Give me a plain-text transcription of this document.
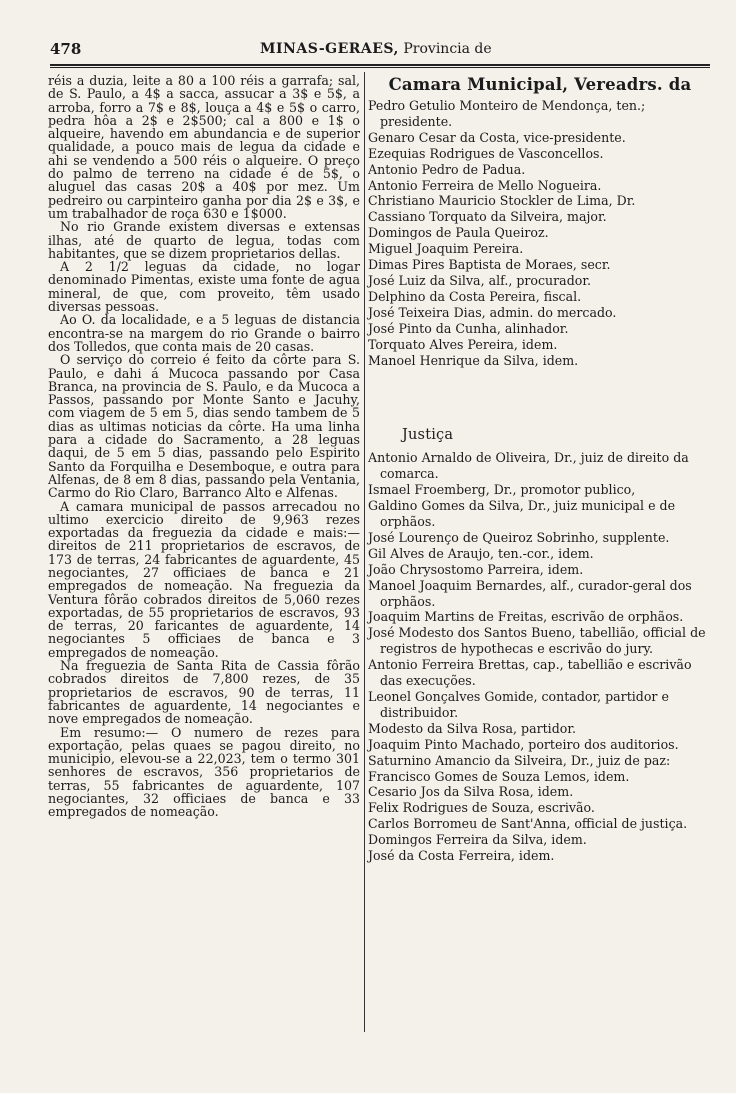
478	MINAS-GERAES, Provincia de

réis a duzia, leite a 80 a 100 réis a garrafa; sal, de S. Paulo, a 4$ a sacca, assucar a 3$ e 5$, a arroba, forro a 7$ e 8$, louça a 4$ e 5$ o carro, pedra hôa a 2$ e 2$500; cal a 800 e 1$ o alqueire, havendo em abundancia e de superior qualidade, a pouco mais de legua da cidade e ahi se vendendo a 500 réis o alqueire. O preço do palmo de terreno na cidade é de 5$, o aluguel das casas 20$ a 40$ por mez. Um pedreiro ou carpinteiro ganha por dia 2$ e 3$, e um trabalhador de roça 630 e 1$000.

No rio Grande existem diversas e extensas ilhas, até de quarto de legua, todas com habitantes, que se dizem proprietarios dellas.

A 2 1/2 leguas da cidade, no logar denominado Pimentas, existe uma fonte de agua mineral, de que, com proveito, têm usado diversas pessoas.

Ao O. da localidade, e a 5 leguas de distancia encontra-se na margem do rio Grande o bairro dos Tolledos, que conta mais de 20 casas.

O serviço do correio é feito da côrte para S. Paulo, e dahi á Mucoca passando por Casa Branca, na provincia de S. Paulo, e da Mucoca a Passos, passando por Monte Santo e Jacuhy, com viagem de 5 em 5, dias sendo tambem de 5 dias as ultimas noticias da côrte. Ha uma linha para a cidade do Sacramento, a 28 leguas daqui, de 5 em 5 dias, passando pelo Espirito Santo da Forquilha e Desemboque, e outra para Alfenas, de 8 em 8 dias, passando pela Ventania, Carmo do Rio Claro, Barranco Alto e Alfenas.

A camara municipal de passos arrecadou no ultimo exercicio direito de 9,963 rezes exportadas da freguezia da cidade e mais:—direitos de 211 proprietarios de escravos, de 173 de terras, 24 fabricantes de aguardente, 45 negociantes, 27 officiaes de banca e 21 empregados de nomeação. Na freguezia da Ventura fôrão cobrados direitos de 5,060 rezes exportadas, de 55 proprietarios de escravos, 93 de terras, 20 faricantes de aguardente, 14 negociantes 5 officiaes de banca e 3 empregados de nomeação.

Na freguezia de Santa Rita de Cassia fôrão cobrados direitos de 7,800 rezes, de 35 proprietarios de escravos, 90 de terras, 11 fabricantes de aguardente, 14 negociantes e nove empregados de nomeação.

Em resumo:— O numero de rezes para exportação, pelas quaes se pagou direito, no municipio, elevou-se a 22,023, tem o termo 301 senhores de escravos, 356 proprietarios de terras, 55 fabricantes de aguardente, 107 negociantes, 32 officiaes de banca e 33 empregados de nomeação.

Camara Municipal, Vereadrs. da
Pedro Getulio Monteiro de Mendonça, ten.; presidente.
Genaro Cesar da Costa, vice-presidente.
Ezequias Rodrigues de Vasconcellos.
Antonio Pedro de Padua.
Antonio Ferreira de Mello Nogueira.
Christiano Mauricio Stockler de Lima, Dr.
Cassiano Torquato da Silveira, major.
Domingos de Paula Queiroz.
Miguel Joaquim Pereira.
Dimas Pires Baptista de Moraes, secr.
José Luiz da Silva, alf., procurador.
Delphino da Costa Pereira, fiscal.
José Teixeira Dias, admin. do mercado.
José Pinto da Cunha, alinhador.
Torquato Alves Pereira, idem.
Manoel Henrique da Silva, idem.
Justiça
Antonio Arnaldo de Oliveira, Dr., juiz de direito da comarca.
Ismael Froemberg, Dr., promotor publico,
Galdino Gomes da Silva, Dr., juiz municipal e de orphãos.
José Lourenço de Queiroz Sobrinho, supplente.
Gil Alves de Araujo, ten.-cor., idem.
João Chrysostomo Parreira, idem.
Manoel Joaquim Bernardes, alf., curador-geral dos orphãos.
Joaquim Martins de Freitas, escrivão de orphãos.
José Modesto dos Santos Bueno, tabellião, official de registros de hypothecas e escrivão do jury.
Antonio Ferreira Brettas, cap., tabellião e escrivão das execuções.
Leonel Gonçalves Gomide, contador, partidor e distribuidor.
Modesto da Silva Rosa, partidor.
Joaquim Pinto Machado, porteiro dos auditorios.
Saturnino Amancio da Silveira, Dr., juiz de paz:
Francisco Gomes de Souza Lemos, idem.
Cesario Jos da Silva Rosa, idem.
Felix Rodrigues de Souza, escrivão.
Carlos Borromeu de Sant'Anna, official de justiça.
Domingos Ferreira da Silva, idem.
José da Costa Ferreira, idem.
